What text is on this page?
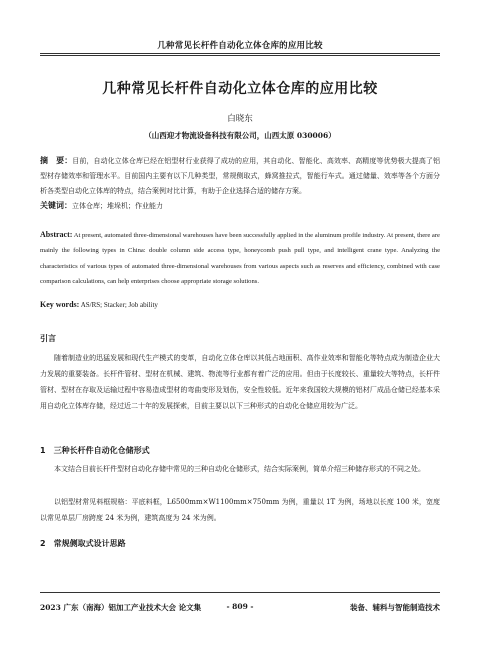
几种常见长杆件自动化立体仓库的应用比较
几种常见长杆件自动化立体仓库的应用比较
白晓东
（山西迎才物流设备科技有限公司，山西太原 030006）
摘　要：目前，自动化立体仓库已经在铝型材行业获得了成功的应用，其自动化、智能化、高效率、高精度等优势极大提高了铝型材存储效率和管理水平。目前国内主要有以下几种类型，常规侧取式，蜂窝推拉式，智能行车式。通过储量、效率等各个方面分析各类型自动化立体库的特点，结合案例对比计算，有助于企业选择合适的储存方案。
关键词：立体仓库；堆垛机；作业能力
Abstract: At present, automated three-dimensional warehouses have been successfully applied in the aluminum profile industry. At present, there are mainly the following types in China: double column side access type, honeycomb push pull type, and intelligent crane type. Analyzing the characteristics of various types of automated three-dimensional warehouses from various aspects such as reserves and efficiency, combined with case comparison calculations, can help enterprises choose appropriate storage solutions.
Key words: AS/RS; Stacker; Job ability
引言
随着制造业的迅猛发展和现代生产模式的变革，自动化立体仓库以其低占地面积、高作业效率和智能化等特点成为制造企业大力发展的重要装备。长杆件管材、型材在机械、建筑、物流等行业都有着广泛的应用。但由于长度较长、重量较大等特点，长杆件管材、型材在存取及运输过程中容易造成型材的弯曲变形及划伤，安全性较低。近年来我国较大规模的铝材厂成品仓储已经基本采用自动化立体库存储，经过近二十年的发展探索，目前主要以以下三种形式的自动化仓储应用较为广泛。
1　三种长杆件自动化仓储形式
本文结合目前长杆件型材自动化存储中常见的三种自动化仓储形式，结合实际案例，简单介绍三种储存形式的不同之处。
以铝型材常见料框规格：平底料框，L6500mm×W1100mm×750mm 为例，重量以 1T 为例，场地以长度 100 米，宽度以常见单层厂房跨度 24 米为例，建筑高度为 24 米为例。
2　常规侧取式设计思路
2023 广东（南海）铝加工产业技术大会 论文集	- 809 -	装备、辅料与智能制造技术
